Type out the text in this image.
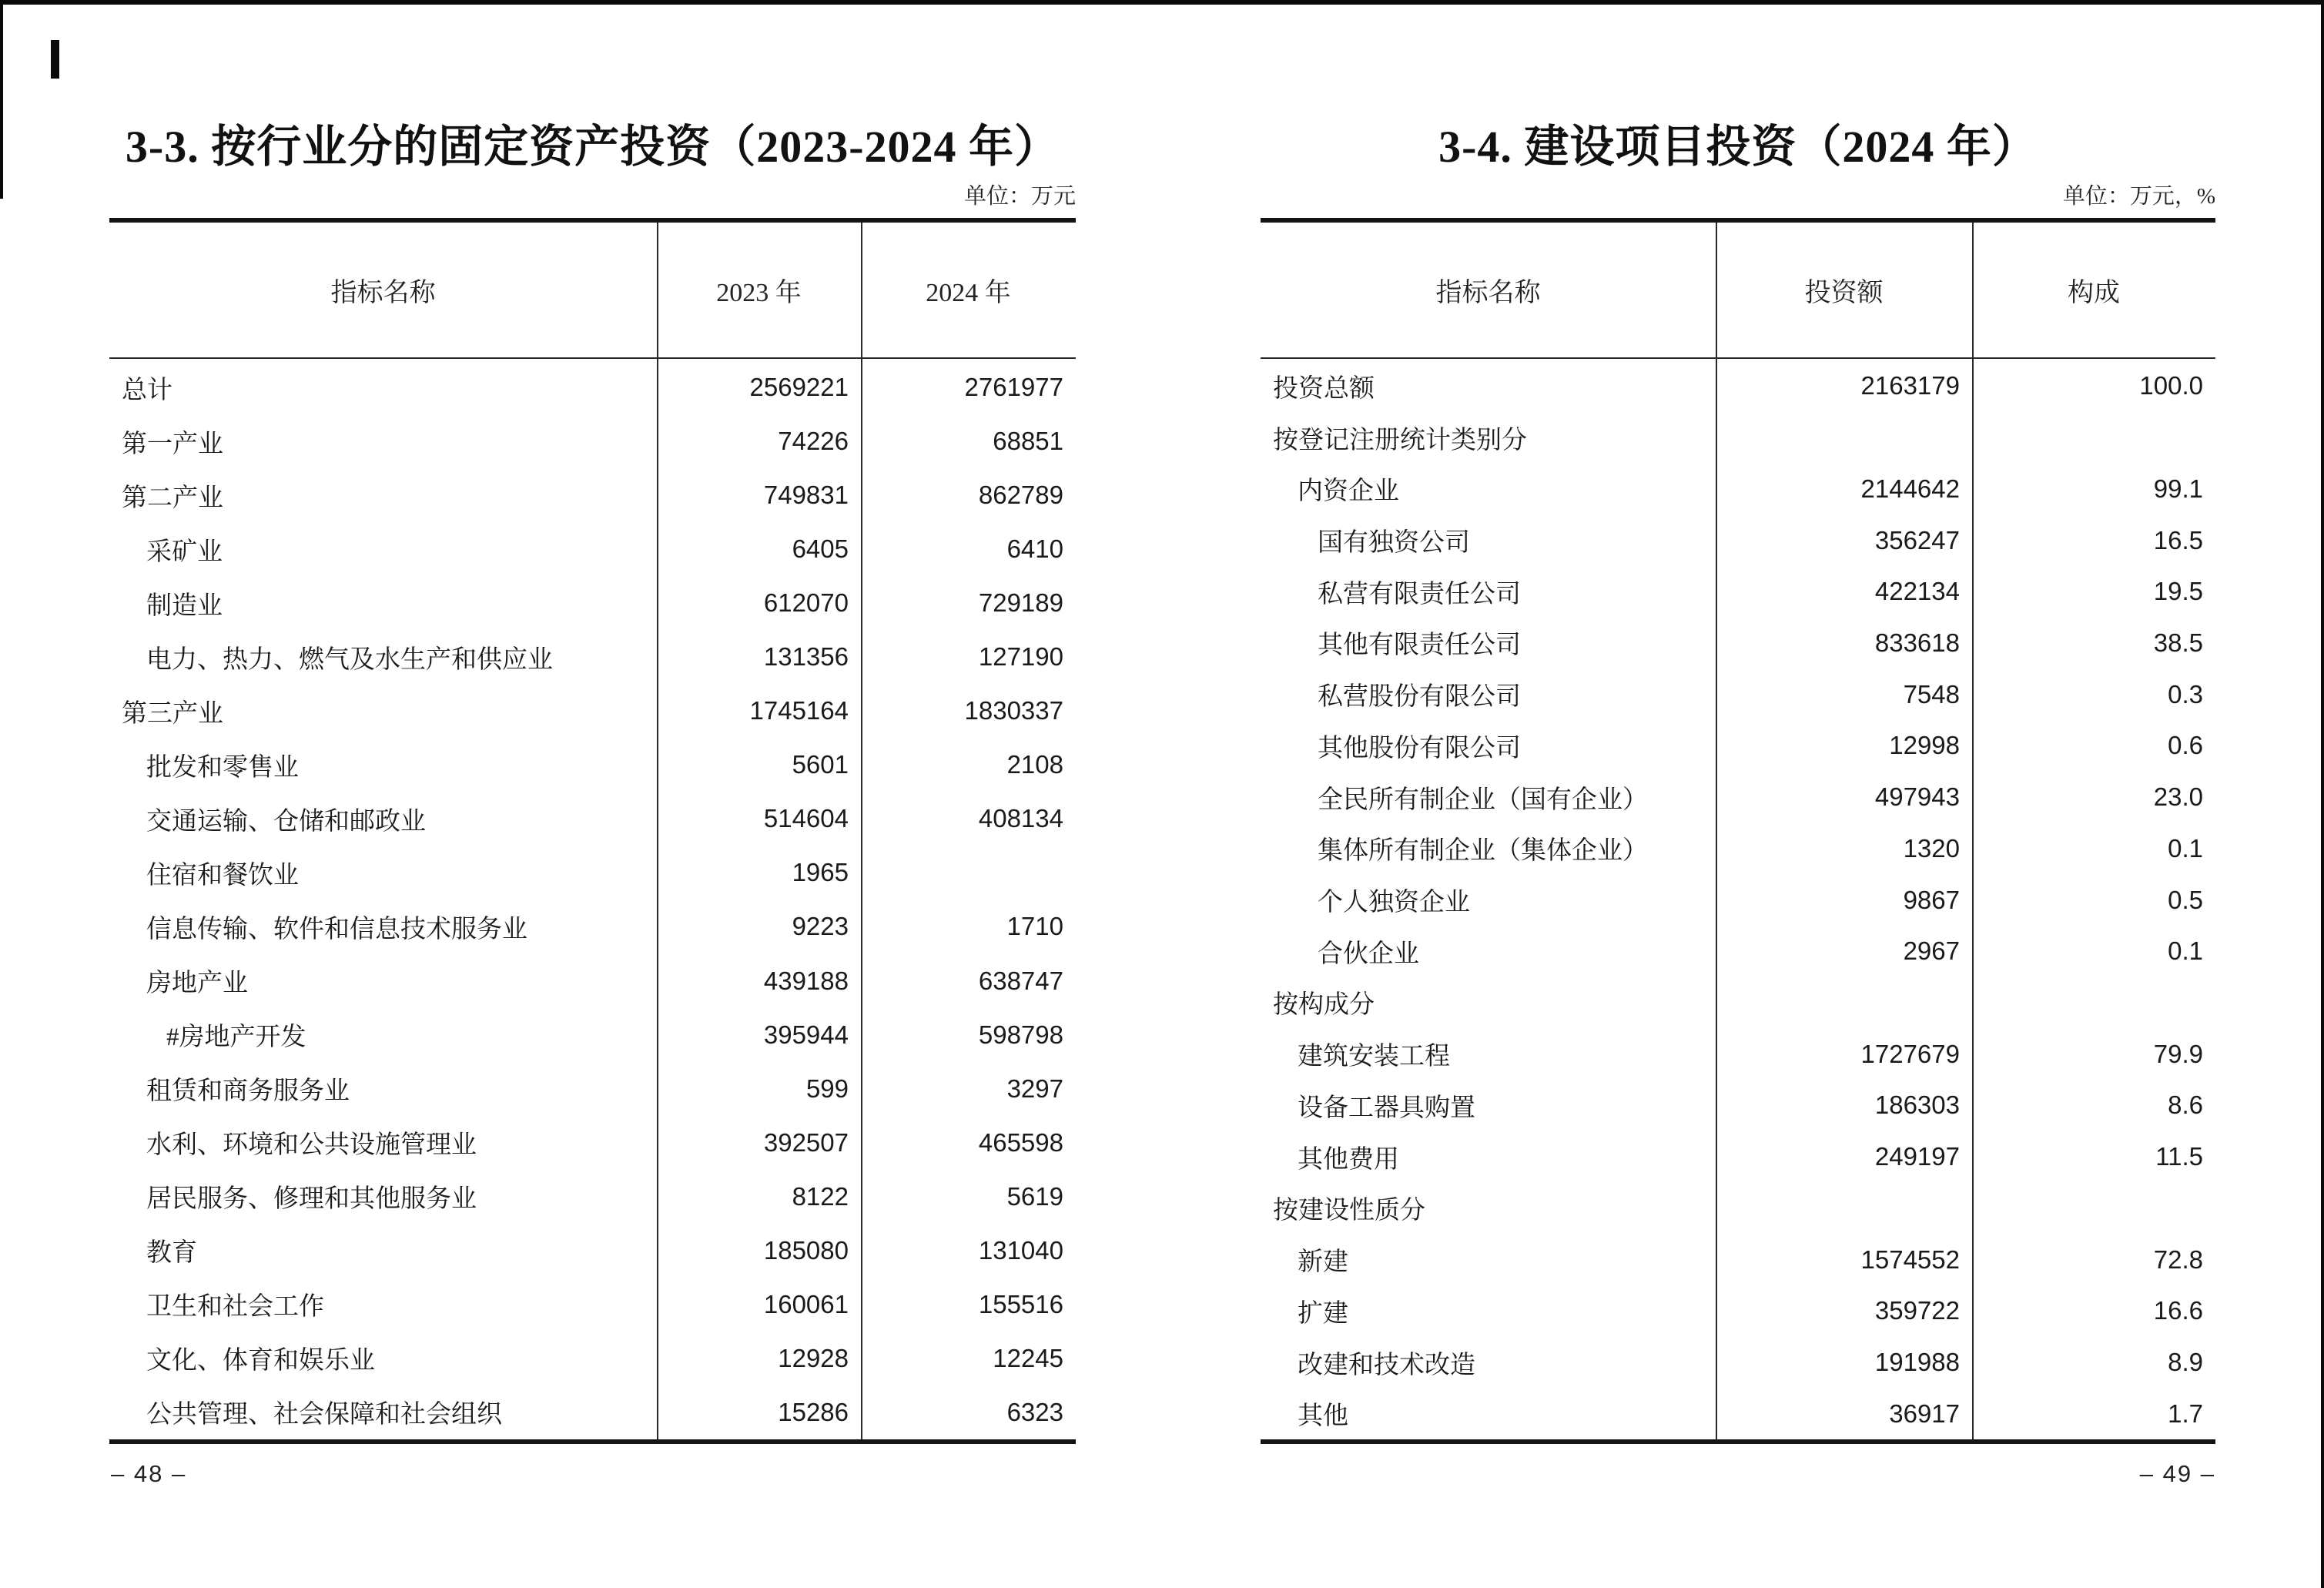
3-3. 按行业分的固定资产投资（2023-2024 年）
单位：万元
指标名称	2023 年	2024 年
总计	2569221	2761977
第一产业	74226	68851
第二产业	749831	862789
采矿业	6405	6410
制造业	612070	729189
电力、热力、燃气及水生产和供应业	131356	127190
第三产业	1745164	1830337
批发和零售业	5601	2108
交通运输、仓储和邮政业	514604	408134
住宿和餐饮业	1965
信息传输、软件和信息技术服务业	9223	1710
房地产业	439188	638747
#房地产开发	395944	598798
租赁和商务服务业	599	3297
水利、环境和公共设施管理业	392507	465598
居民服务、修理和其他服务业	8122	5619
教育	185080	131040
卫生和社会工作	160061	155516
文化、体育和娱乐业	12928	12245
公共管理、社会保障和社会组织	15286	6323
– 48 –
3-4. 建设项目投资（2024 年）
单位：万元，%
指标名称	投资额	构成
投资总额	2163179	100.0
按登记注册统计类别分
内资企业	2144642	99.1
国有独资公司	356247	16.5
私营有限责任公司	422134	19.5
其他有限责任公司	833618	38.5
私营股份有限公司	7548	0.3
其他股份有限公司	12998	0.6
全民所有制企业（国有企业）	497943	23.0
集体所有制企业（集体企业）	1320	0.1
个人独资企业	9867	0.5
合伙企业	2967	0.1
按构成分
建筑安装工程	1727679	79.9
设备工器具购置	186303	8.6
其他费用	249197	11.5
按建设性质分
新建	1574552	72.8
扩建	359722	16.6
改建和技术改造	191988	8.9
其他	36917	1.7
– 49 –
